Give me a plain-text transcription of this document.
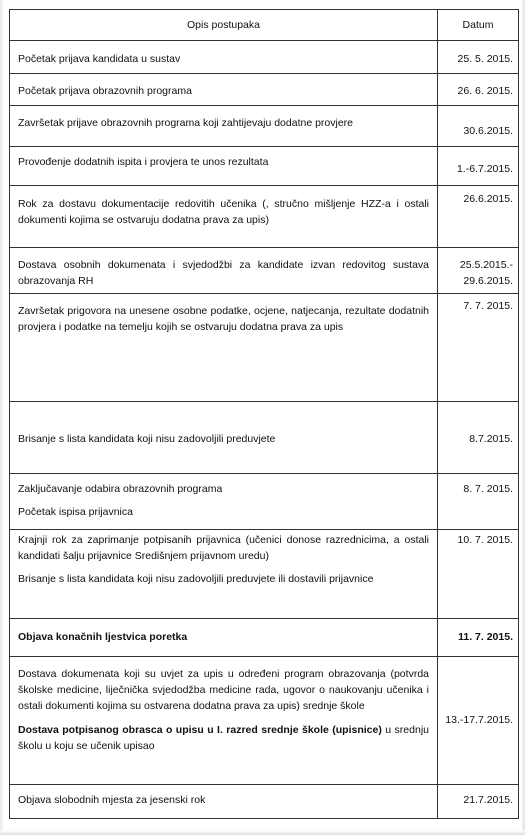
Opis postupaka	Datum

Početak prijava kandidata u sustav	25. 5. 2015.

Početak prijava obrazovnih programa	26. 6. 2015.

Završetak prijave obrazovnih programa koji zahtijevaju dodatne provjere	30.6.2015.

Provođenje dodatnih ispita i provjera te unos rezultata	1.-6.7.2015.

Rok za dostavu dokumentacije redovitih učenika (, stručno mišljenje HZZ-a i ostali dokumenti kojima se ostvaruju dodatna prava za upis)	26.6.2015.

Dostava osobnih dokumenata i svjedodžbi za kandidate izvan redovitog sustava obrazovanja RH	25.5.2015.- 29.6.2015.

Završetak prigovora na unesene osobne podatke, ocjene, natjecanja, rezultate dodatnih provjera i podatke na temelju kojih se ostvaruju dodatna prava za upis	7. 7. 2015.

Brisanje s lista kandidata koji nisu zadovoljili preduvjete	8.7.2015.

Zaključavanje odabira obrazovnih programa
Početak ispisa prijavnica	8. 7. 2015.

Krajnji rok za zaprimanje potpisanih prijavnica (učenici donose razrednicima, a ostali kandidati šalju prijavnice Središnjem prijavnom uredu)
Brisanje s lista kandidata koji nisu zadovoljili preduvjete ili dostavili prijavnice	10. 7. 2015.

Objava konačnih ljestvica poretka	11. 7. 2015.

Dostava dokumenata koji su uvjet za upis u određeni program obrazovanja (potvrda školske medicine, liječnička svjedodžba medicine rada, ugovor o naukovanju učenika i ostali dokumenti kojima su ostvarena dodatna prava za upis) srednje škole
Dostava potpisanog obrasca o upisu u I. razred srednje škole (upisnice) u srednju školu u koju se učenik upisao	13.-17.7.2015.

Objava slobodnih mjesta za jesenski rok	21.7.2015.
